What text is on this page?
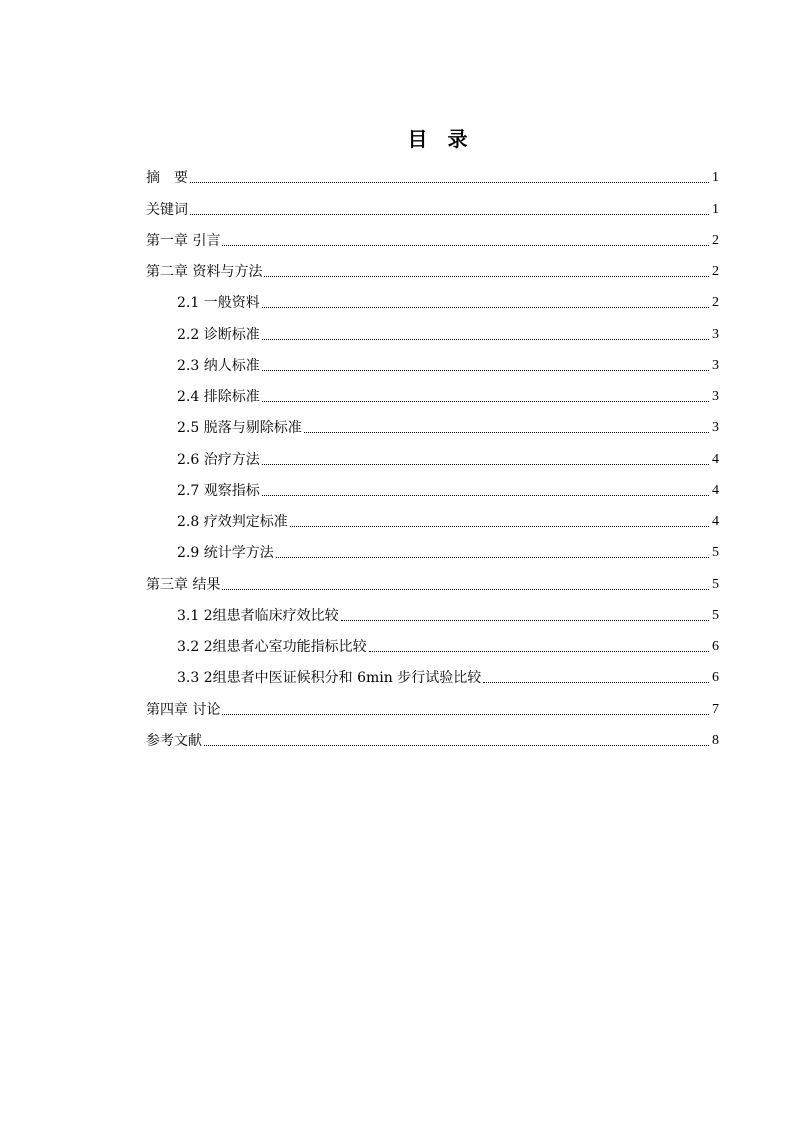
目　录
摘　要	1
关键词	1
第一章 引言	2
第二章 资料与方法	2
2.1 一般资料	2
2.2 诊断标准	3
2.3 纳人标准	3
2.4 排除标准	3
2.5 脱落与剔除标准	3
2.6 治疗方法	4
2.7 观察指标	4
2.8 疗效判定标准	4
2.9 统计学方法	5
第三章 结果	5
3.1 2组患者临床疗效比较	5
3.2 2组患者心室功能指标比较	6
3.3 2组患者中医证候积分和 6min 步行试验比较	6
第四章 讨论	7
参考文献	8
